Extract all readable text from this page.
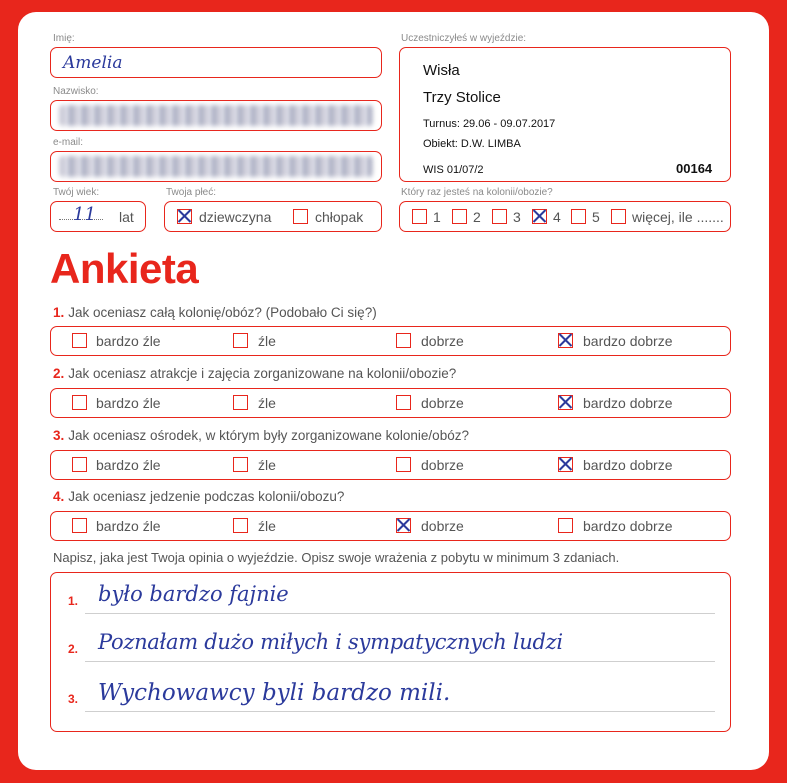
Imię:
Amelia
Nazwisko:
e-mail:
Twój wiek:
11 lat
Twoja płeć:
dziewczyna	chłopak
Uczestniczyłeś w wyjeździe:
Wisła
Trzy Stolice
Turnus: 29.06 - 09.07.2017
Obiekt: D.W. LIMBA
WIS 01/07/2	00164
Który raz jesteś na kolonii/obozie?
1 2 3 4 5 więcej, ile .......
Ankieta
1. Jak oceniasz całą kolonię/obóz? (Podobało Ci się?)
bardzo źle	źle	dobrze	bardzo dobrze
2. Jak oceniasz atrakcje i zajęcia zorganizowane na kolonii/obozie?
bardzo źle	źle	dobrze	bardzo dobrze
3. Jak oceniasz ośrodek, w którym były zorganizowane kolonie/obóz?
bardzo źle	źle	dobrze	bardzo dobrze
4. Jak oceniasz jedzenie podczas kolonii/obozu?
bardzo źle	źle	dobrze	bardzo dobrze
Napisz, jaka jest Twoja opinia o wyjeździe. Opisz swoje wrażenia z pobytu w minimum 3 zdaniach.
1. było bardzo fajnie
2. Poznałam dużo miłych i sympatycznych ludzi
3. Wychowawcy byli bardzo mili.
